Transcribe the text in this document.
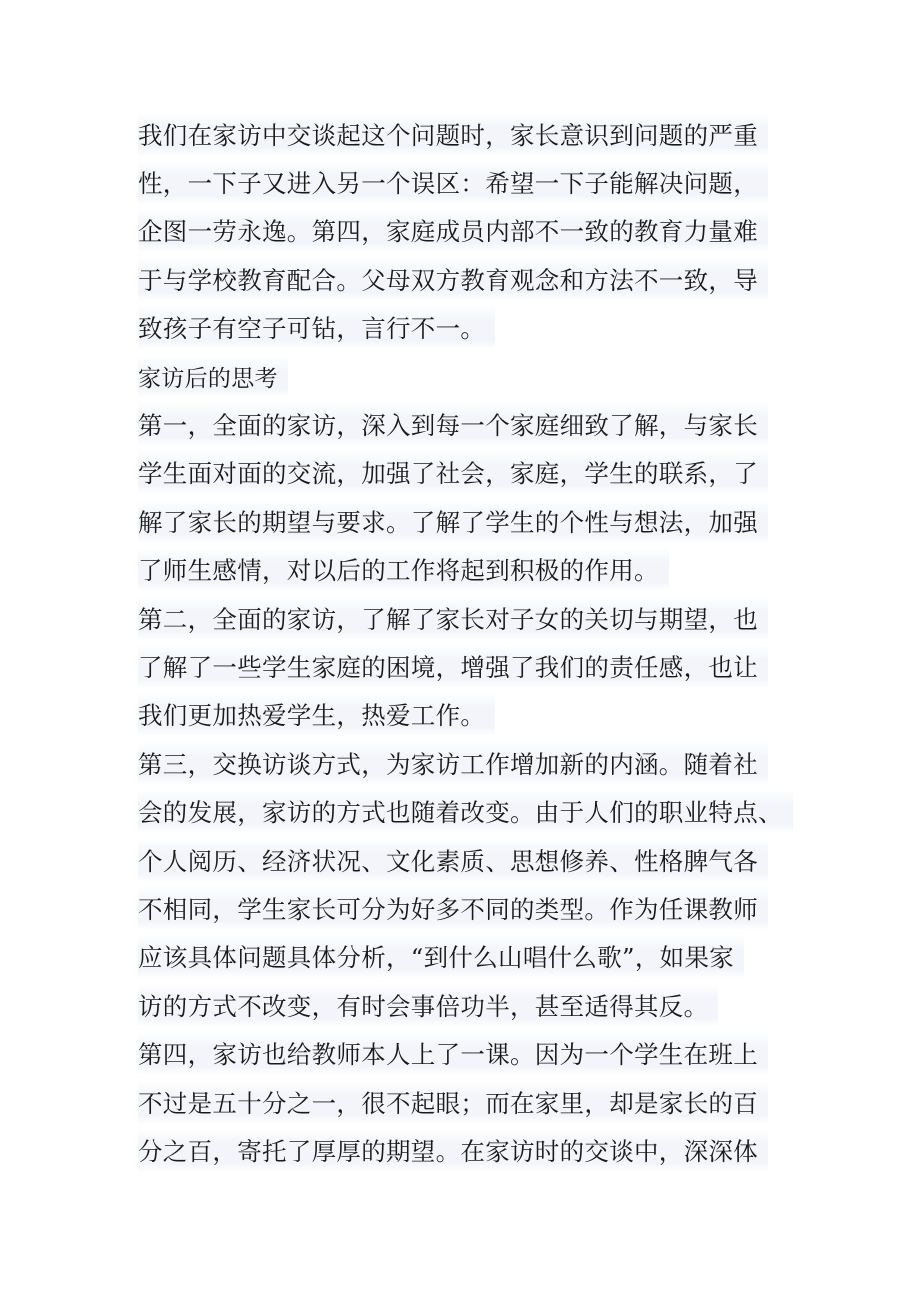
我们在家访中交谈起这个问题时，家长意识到问题的严重
性，一下子又进入另一个误区：希望一下子能解决问题，
企图一劳永逸。第四，家庭成员内部不一致的教育力量难
于与学校教育配合。父母双方教育观念和方法不一致，导
致孩子有空子可钻，言行不一。
家访后的思考
第一，全面的家访，深入到每一个家庭细致了解，与家长
学生面对面的交流，加强了社会，家庭，学生的联系，了
解了家长的期望与要求。了解了学生的个性与想法，加强
了师生感情，对以后的工作将起到积极的作用。
第二，全面的家访，了解了家长对子女的关切与期望，也
了解了一些学生家庭的困境，增强了我们的责任感，也让
我们更加热爱学生，热爱工作。
第三，交换访谈方式，为家访工作增加新的内涵。随着社
会的发展，家访的方式也随着改变。由于人们的职业特点、
个人阅历、经济状况、文化素质、思想修养、性格脾气各
不相同，学生家长可分为好多不同的类型。作为任课教师
应该具体问题具体分析，“到什么山唱什么歌”，如果家
访的方式不改变，有时会事倍功半，甚至适得其反。
第四，家访也给教师本人上了一课。因为一个学生在班上
不过是五十分之一，很不起眼；而在家里，却是家长的百
分之百，寄托了厚厚的期望。在家访时的交谈中，深深体
